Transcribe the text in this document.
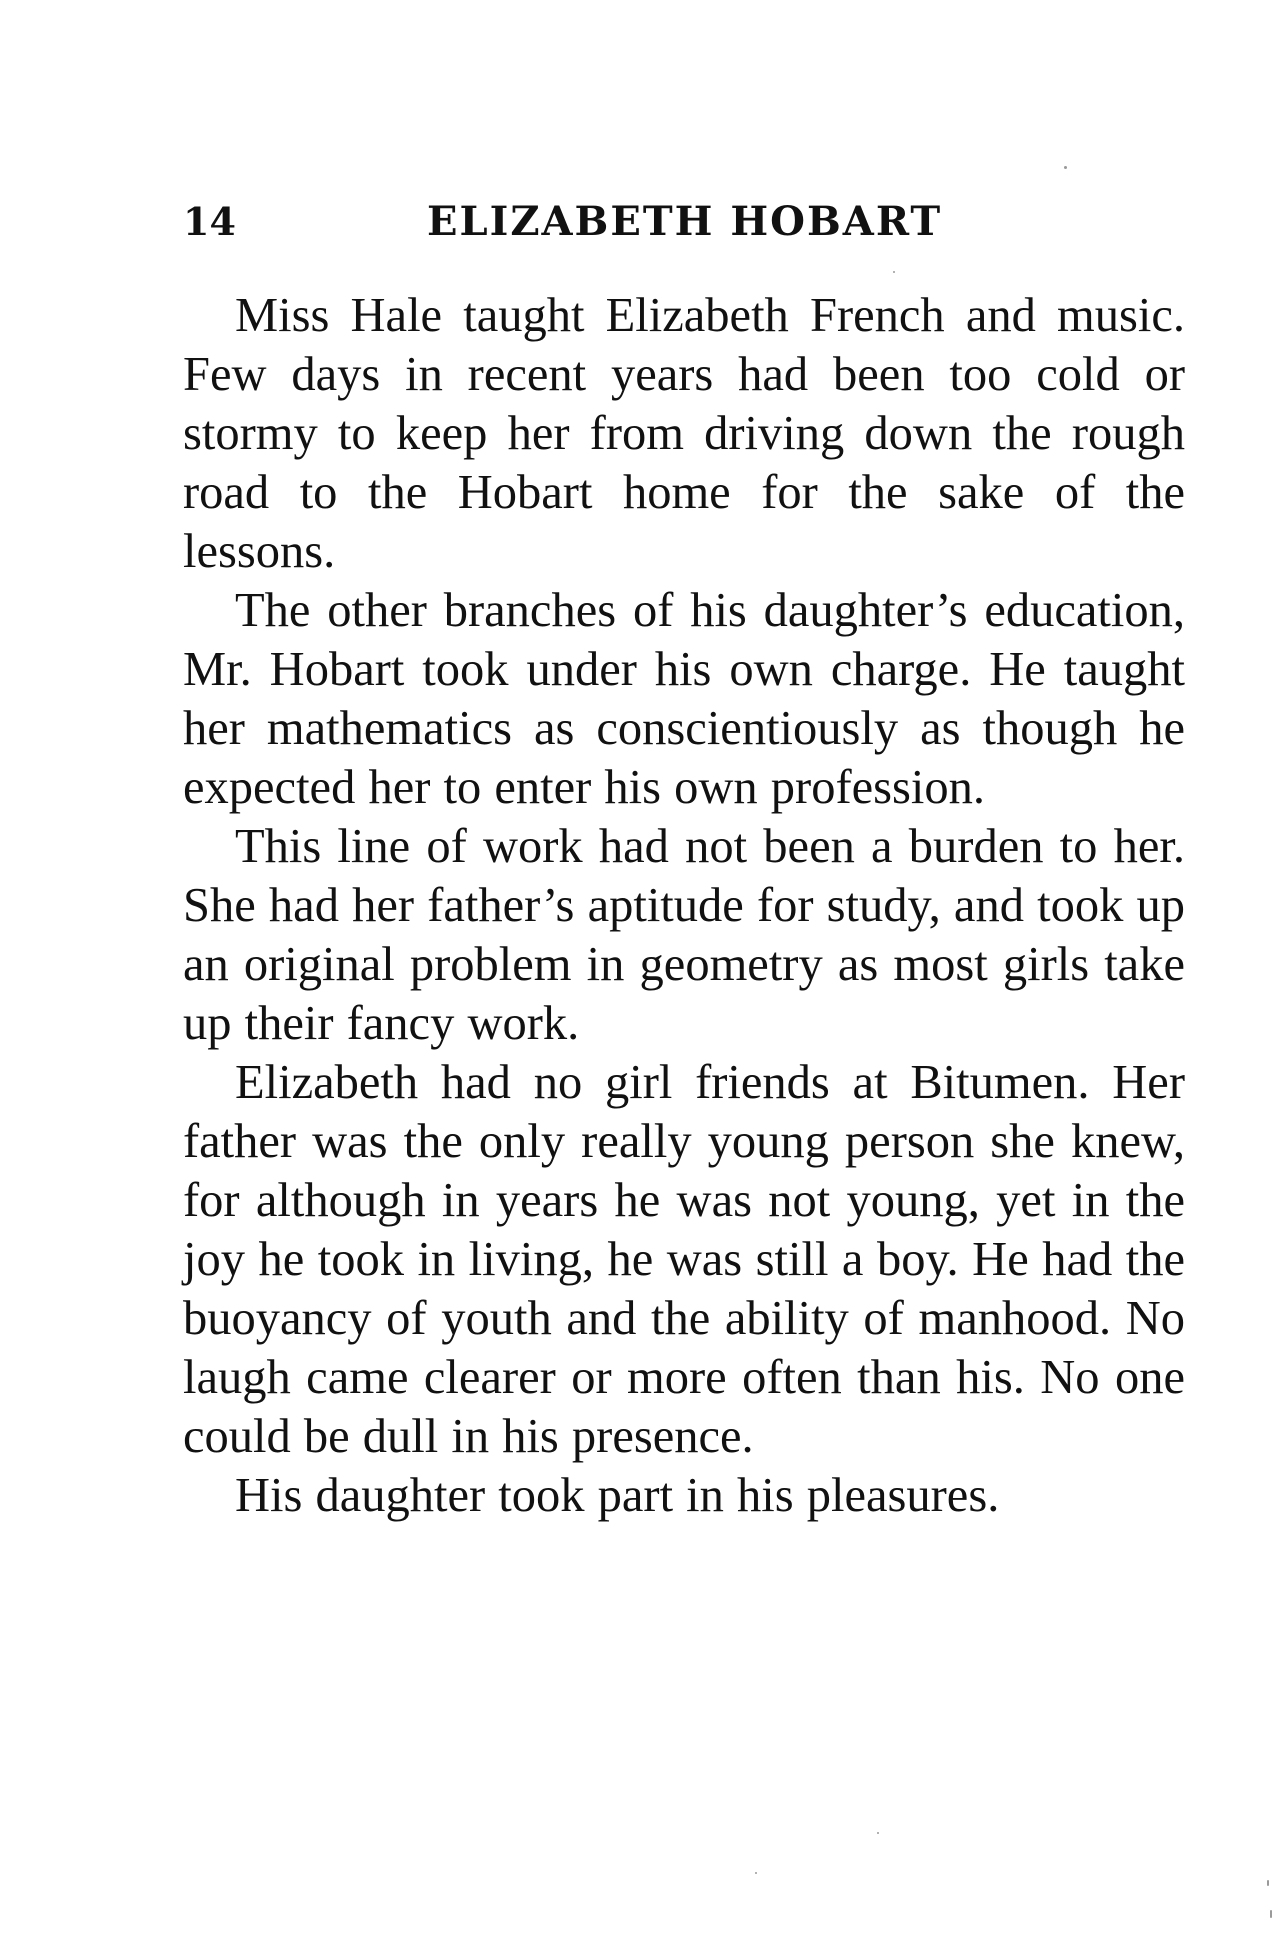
14	ELIZABETH HOBART

Miss Hale taught Elizabeth French and music. Few days in recent years had been too cold or stormy to keep her from driving down the rough road to the Hobart home for the sake of the lessons.

The other branches of his daughter’s education, Mr. Hobart took under his own charge. He taught her mathematics as conscientiously as though he expected her to enter his own profession.

This line of work had not been a burden to her. She had her father’s aptitude for study, and took up an original problem in geometry as most girls take up their fancy work.

Elizabeth had no girl friends at Bitumen. Her father was the only really young person she knew, for although in years he was not young, yet in the joy he took in living, he was still a boy. He had the buoyancy of youth and the ability of manhood. No laugh came clearer or more often than his. No one could be dull in his presence.

His daughter took part in his pleasures.
